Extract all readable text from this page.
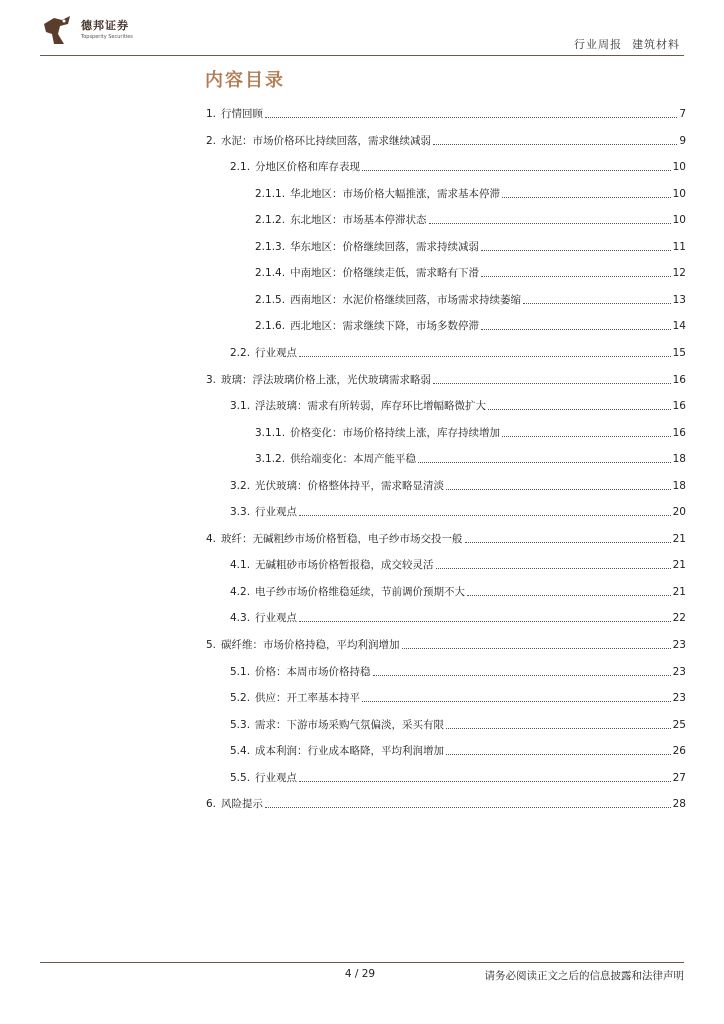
德邦证券
Topsperity Securities
行业周报 建筑材料
内容目录
1. 行情回顾	7
2. 水泥：市场价格环比持续回落，需求继续减弱	9
2.1. 分地区价格和库存表现	10
2.1.1. 华北地区：市场价格大幅推涨，需求基本停滞	10
2.1.2. 东北地区：市场基本停滞状态	10
2.1.3. 华东地区：价格继续回落，需求持续减弱	11
2.1.4. 中南地区：价格继续走低，需求略有下滑	12
2.1.5. 西南地区：水泥价格继续回落，市场需求持续萎缩	13
2.1.6. 西北地区：需求继续下降，市场多数停滞	14
2.2. 行业观点	15
3. 玻璃：浮法玻璃价格上涨，光伏玻璃需求略弱	16
3.1. 浮法玻璃：需求有所转弱，库存环比增幅略微扩大	16
3.1.1. 价格变化：市场价格持续上涨，库存持续增加	16
3.1.2. 供给端变化：本周产能平稳	18
3.2. 光伏玻璃：价格整体持平，需求略显清淡	18
3.3. 行业观点	20
4. 玻纤：无碱粗纱市场价格暂稳，电子纱市场交投一般	21
4.1. 无碱粗砂市场价格暂报稳，成交较灵活	21
4.2. 电子纱市场价格维稳延续，节前调价预期不大	21
4.3. 行业观点	22
5. 碳纤维：市场价格持稳，平均利润增加	23
5.1. 价格：本周市场价格持稳	23
5.2. 供应：开工率基本持平	23
5.3. 需求：下游市场采购气氛偏淡，采买有限	25
5.4. 成本利润：行业成本略降，平均利润增加	26
5.5. 行业观点	27
6. 风险提示	28
4 / 29	请务必阅读正文之后的信息披露和法律声明
